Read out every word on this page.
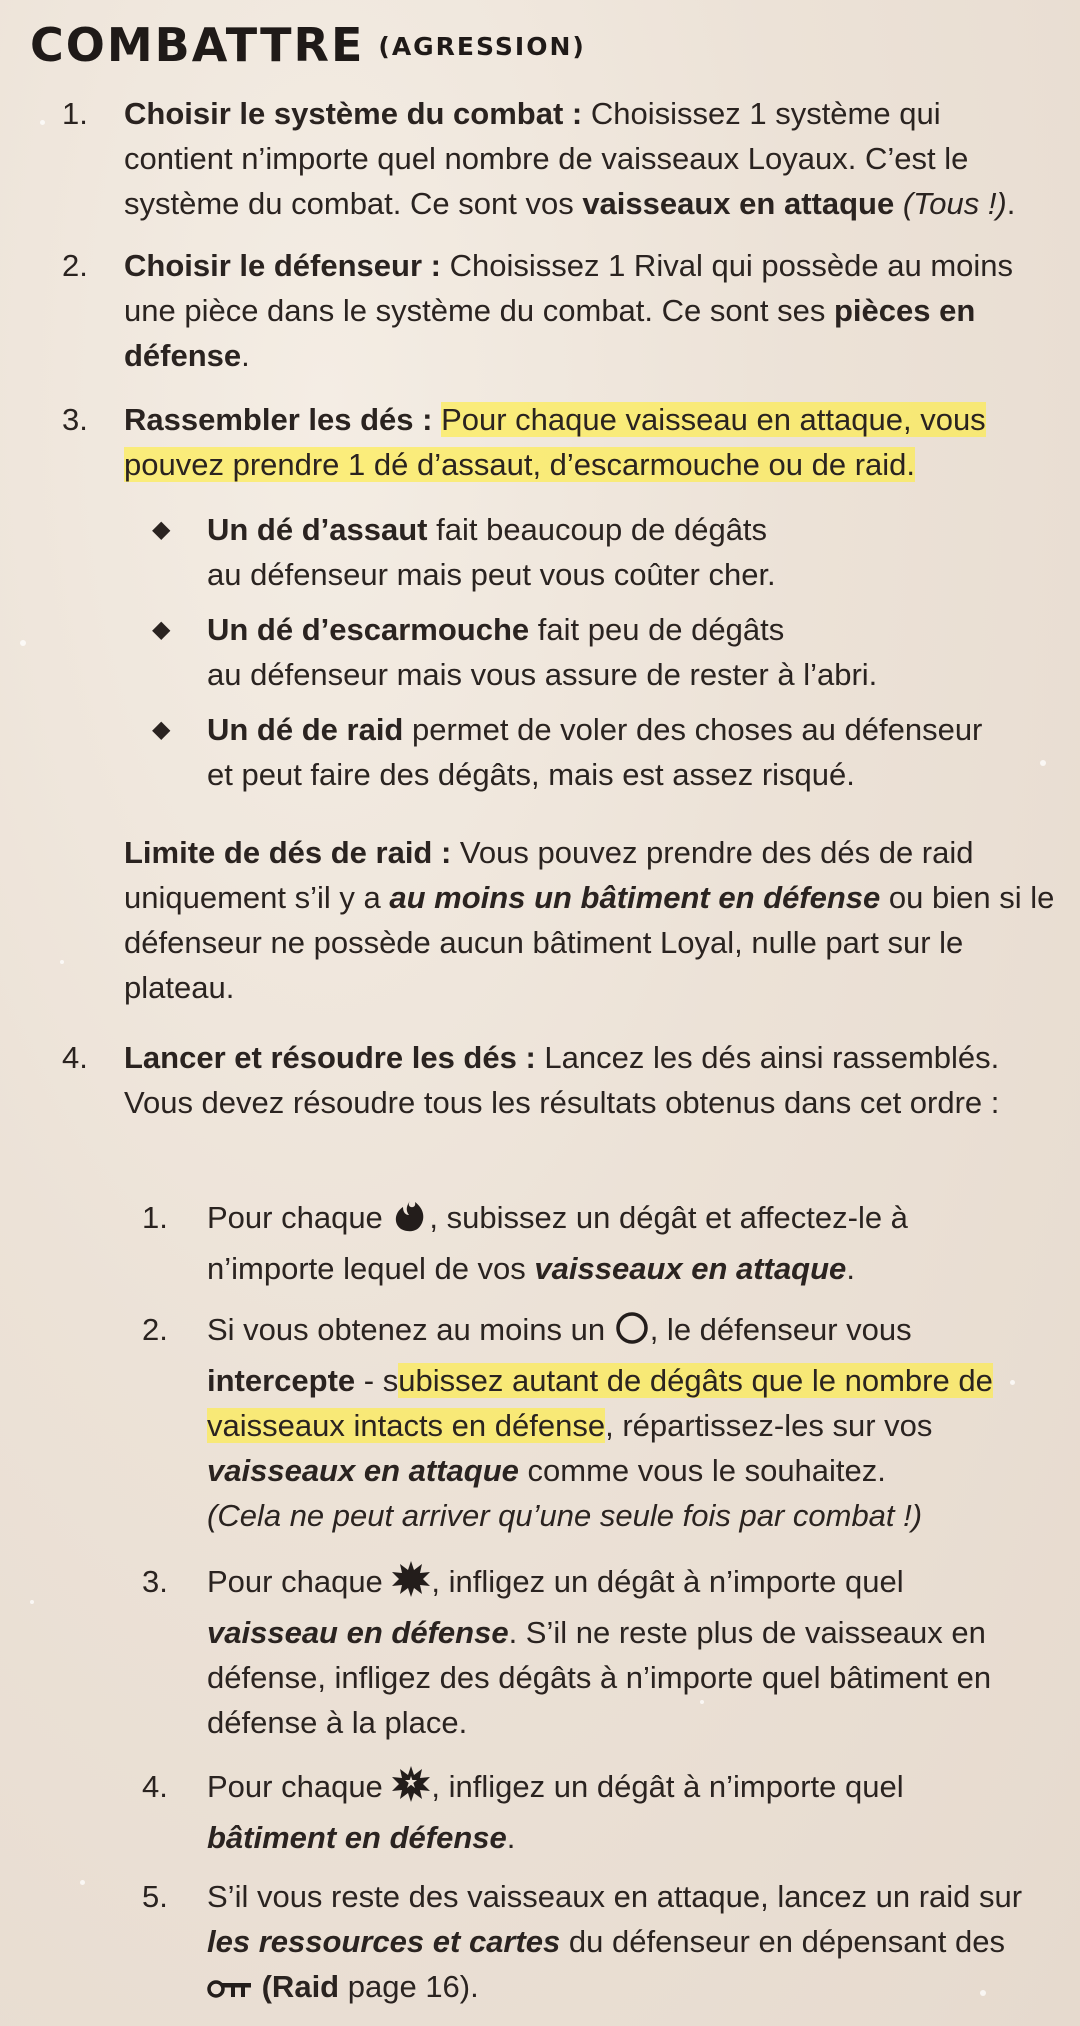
COMBATTRE $^{(AGRESSION)}$
1. Choisir le système du combat : Choisissez 1 système qui contient n’importe quel nombre de vaisseaux Loyaux. C’est le système du combat. Ce sont vos vaisseaux en attaque (Tous !).
2. Choisir le défenseur : Choisissez 1 Rival qui possède au moins une pièce dans le système du combat. Ce sont ses pièces en défense.
3. Rassembler les dés : Pour chaque vaisseau en attaque, vous pouvez prendre 1 dé d’assaut, d’escarmouche ou de raid.
◆ Un dé d’assaut fait beaucoup de dégâts
au défenseur mais peut vous coûter cher.
◆ Un dé d’escarmouche fait peu de dégâts
au défenseur mais vous assure de rester à l’abri.
◆ Un dé de raid permet de voler des choses au défenseur
et peut faire des dégâts, mais est assez risqué.
Limite de dés de raid : Vous pouvez prendre des dés de raid uniquement s’il y a au moins un bâtiment en défense ou bien si le défenseur ne possède aucun bâtiment Loyal, nulle part sur le plateau.
4. Lancer et résoudre les dés : Lancez les dés ainsi rassemblés. Vous devez résoudre tous les résultats obtenus dans cet ordre :
1. Pour chaque , subissez un dégât et affectez-le à n’importe lequel de vos vaisseaux en attaque.
2. Si vous obtenez au moins un , le défenseur vous intercepte - subissez autant de dégâts que le nombre de vaisseaux intacts en défense, répartissez-les sur vos vaisseaux en attaque comme vous le souhaitez.
(Cela ne peut arriver qu’une seule fois par combat !)
3. Pour chaque , infligez un dégât à n’importe quel vaisseau en défense. S’il ne reste plus de vaisseaux en défense, infligez des dégâts à n’importe quel bâtiment en défense à la place.
4. Pour chaque , infligez un dégât à n’importe quel bâtiment en défense.
5. S’il vous reste des vaisseaux en attaque, lancez un raid sur les ressources et cartes du défenseur en dépensant des  (Raid page 16).
